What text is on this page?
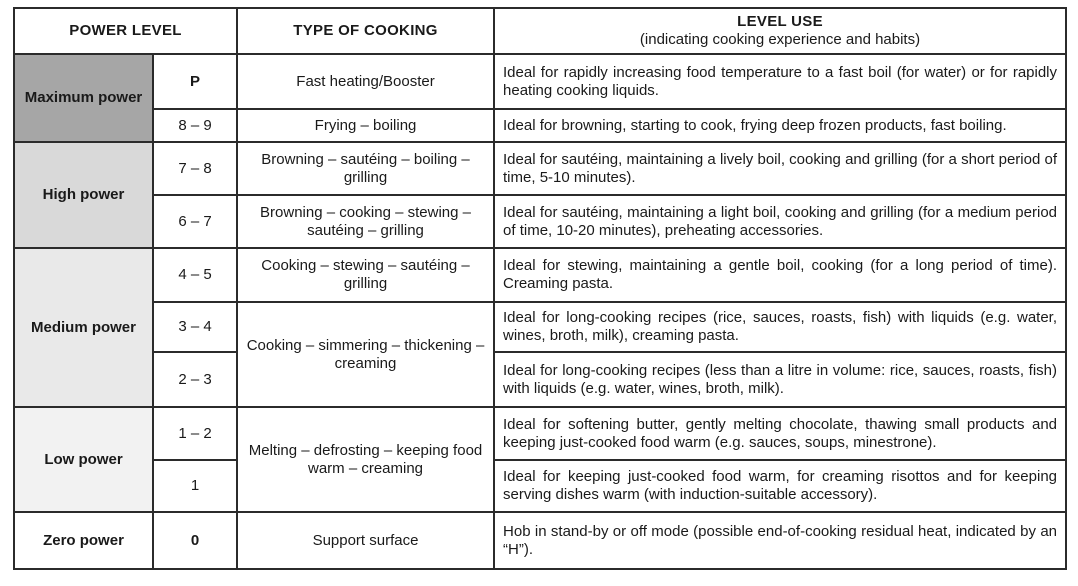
POWER LEVEL		TYPE OF COOKING	LEVEL USE
(indicating cooking experience and habits)

Maximum power	P	Fast heating/Booster	Ideal for rapidly increasing food temperature to a fast boil (for water) or for rapidly heating cooking liquids.
	8 – 9	Frying – boiling	Ideal for browning, starting to cook, frying deep frozen products, fast boiling.
High power	7 – 8	Browning – sautéing – boiling – grilling	Ideal for sautéing, maintaining a lively boil, cooking and grilling (for a short period of time, 5-10 minutes).
	6 – 7	Browning – cooking – stewing – sautéing – grilling	Ideal for sautéing, maintaining a light boil, cooking and grilling (for a medium period of time, 10-20 minutes), preheating accessories.
Medium power	4 – 5	Cooking – stewing – sautéing – grilling	Ideal for stewing, maintaining a gentle boil, cooking (for a long period of time). Creaming pasta.
	3 – 4	Cooking – simmering – thickening – creaming	Ideal for long-cooking recipes (rice, sauces, roasts, fish) with liquids (e.g. water, wines, broth, milk), creaming pasta.
	2 – 3		Ideal for long-cooking recipes (less than a litre in volume: rice, sauces, roasts, fish) with liquids (e.g. water, wines, broth, milk).
Low power	1 – 2	Melting – defrosting – keeping food warm – creaming	Ideal for softening butter, gently melting chocolate, thawing small products and keeping just-cooked food warm (e.g. sauces, soups, minestrone).
	1		Ideal for keeping just-cooked food warm, for creaming risottos and for keeping serving dishes warm (with induction-suitable accessory).
Zero power	0	Support surface	Hob in stand-by or off mode (possible end-of-cooking residual heat, indicated by an “H”).
